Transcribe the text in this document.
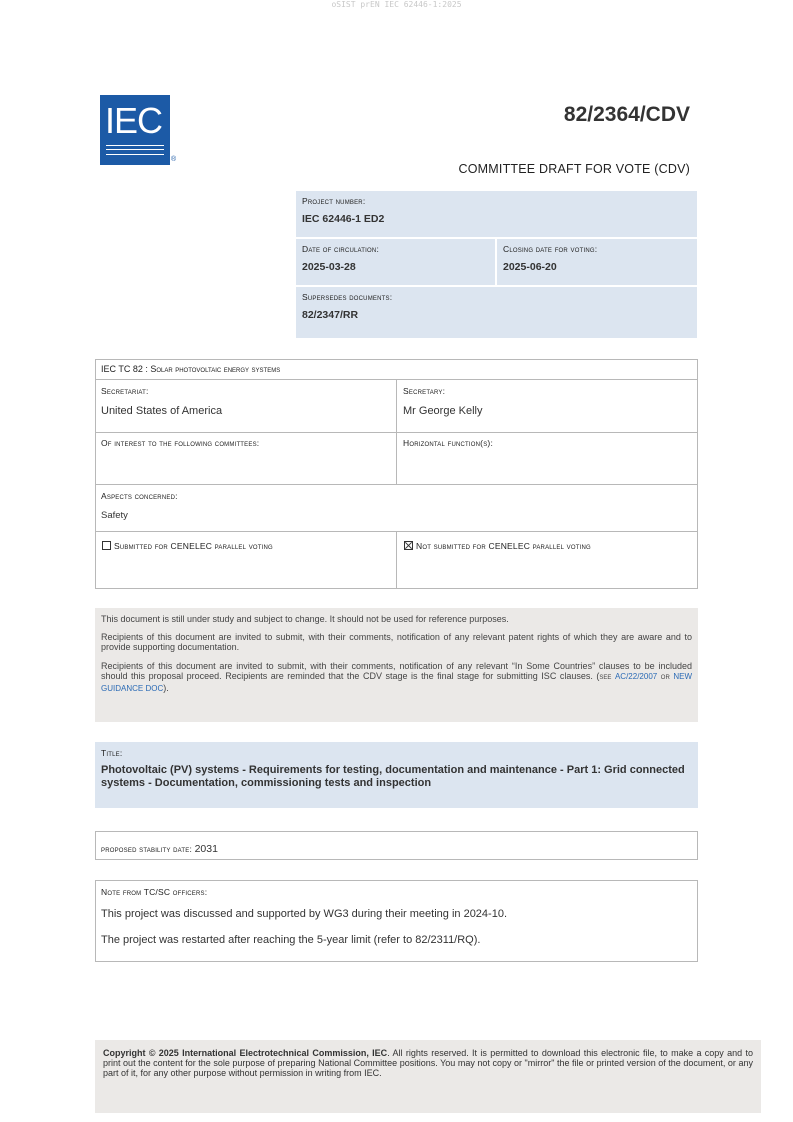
oSIST prEN IEC 62446-1:2025
IEC
®
82/2364/CDV
COMMITTEE DRAFT FOR VOTE (CDV)
Project number:
IEC 62446-1 ED2
Date of circulation:
2025-03-28
Closing date for voting:
2025-06-20
Supersedes documents:
82/2347/RR
IEC TC 82 : Solar photovoltaic energy systems
Secretariat:
United States of America
Secretary:
Mr George Kelly
Of interest to the following committees:	Horizontal function(s):
Aspects concerned:
Safety
Submitted for CENELEC parallel voting	Not submitted for CENELEC parallel voting

This document is still under study and subject to change. It should not be used for reference purposes.

Recipients of this document are invited to submit, with their comments, notification of any relevant patent rights of which they are aware and to provide supporting documentation.

Recipients of this document are invited to submit, with their comments, notification of any relevant “In Some Countries” clauses to be included should this proposal proceed. Recipients are reminded that the CDV stage is the final stage for submitting ISC clauses. (see AC/22/2007 or NEW GUIDANCE DOC).

Title:
Photovoltaic (PV) systems - Requirements for testing, documentation and maintenance - Part 1: Grid connected systems - Documentation, commissioning tests and inspection
proposed stability date: 2031
Note from TC/SC officers:
This project was discussed and supported by WG3 during their meeting in 2024-10.
The project was restarted after reaching the 5-year limit (refer to 82/2311/RQ).

Copyright © 2025 International Electrotechnical Commission, IEC. All rights reserved. It is permitted to download this electronic file, to make a copy and to print out the content for the sole purpose of preparing National Committee positions. You may not copy or "mirror" the file or printed version of the document, or any part of it, for any other purpose without permission in writing from IEC.
